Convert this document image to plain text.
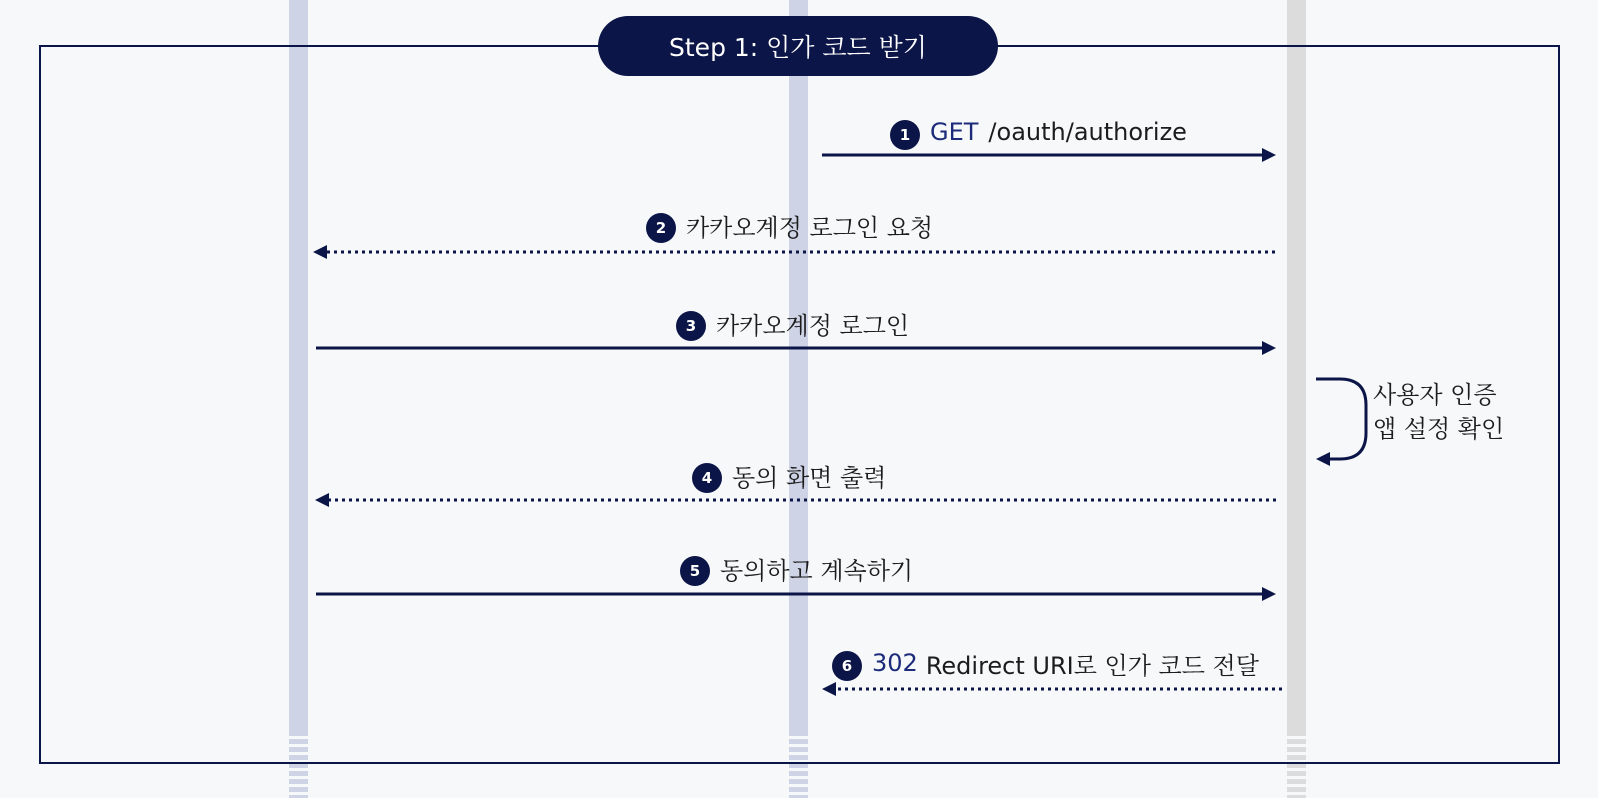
Step 1: 인가 코드 받기
1 GET /oauth/authorize
2 카카오계정 로그인 요청
3 카카오계정 로그인
4 동의 화면 출력
5 동의하고 계속하기
6 302 Redirect URI로 인가 코드 전달
사용자 인증
앱 설정 확인
